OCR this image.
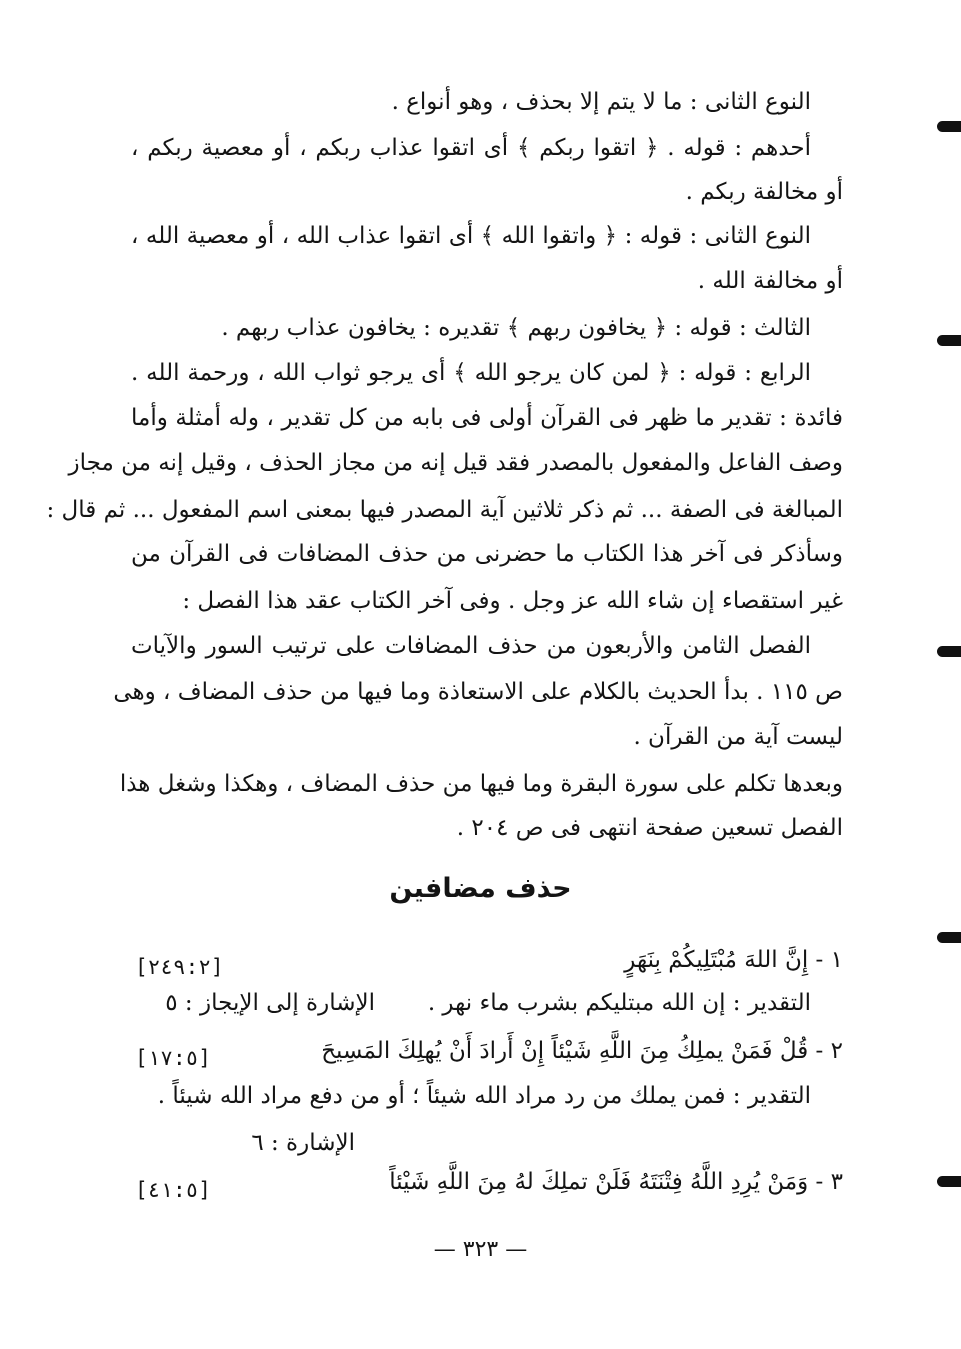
النوع الثانى : ما لا يتم إلا بحذف ، وهو أنواع .
أحدهم : قوله . ﴿ اتقوا ربكم ﴾ أى اتقوا عذاب ربكم ، أو معصية ربكم ،
أو مخالفة ربكم .
النوع الثانى : قوله : ﴿ واتقوا الله ﴾ أى اتقوا عذاب الله ، أو معصية الله ،
أو مخالفة الله .
الثالث : قوله : ﴿ يخافون ربهم ﴾ تقديره : يخافون عذاب ربهم .
الرابع : قوله : ﴿ لمن كان يرجو الله ﴾ أى يرجو ثواب الله ، ورحمة الله .
فائدة : تقدير ما ظهر فى القرآن أولى فى بابه من كل تقدير ، وله أمثلة وأما
وصف الفاعل والمفعول بالمصدر فقد قيل إنه من مجاز الحذف ، وقيل إنه من مجاز
المبالغة فى الصفة ... ثم ذكر ثلاثين آية المصدر فيها بمعنى اسم المفعول ... ثم قال :
وسأذكر فى آخر هذا الكتاب ما حضرنى من حذف المضافات فى القرآن من
غير استقصاء إن شاء الله عز وجل . وفى آخر الكتاب عقد هذا الفصل :
الفصل الثامن والأربعون من حذف المضافات على ترتيب السور والآيات
ص ١١٥ . بدأ الحديث بالكلام على الاستعاذة وما فيها من حذف المضاف ، وهى
ليست آية من القرآن .
وبعدها تكلم على سورة البقرة وما فيها من حذف المضاف ، وهكذا وشغل هذا
الفصل تسعين صفحة انتهى فى ص ٢٠٤ .
حذف مضافين
١ - إِنَّ اللهَ مُبْتَلِيكُمْ بِنَهَرٍ
[٢٤٩:٢]
التقدير : إن الله مبتليكم بشرب ماء نهر .
الإشارة إلى الإيجاز : ٥
٢ - قُلْ فَمَنْ يملِكُ مِنَ اللَّهِ شَيْئاً إِنْ أَرادَ أَنْ يُهلِكَ المَسِيحَ
[١٧:٥]
التقدير : فمن يملك من رد مراد الله شيئاً ؛ أو من دفع مراد الله شيئاً .
الإشارة : ٦
٣ - وَمَنْ يُرِدِ اللَّهُ فِتْنَتَهُ فَلَنْ تملِكَ لهُ مِنَ اللَّهِ شَيْئاً
[٤١:٥]
— ٣٢٣ —
